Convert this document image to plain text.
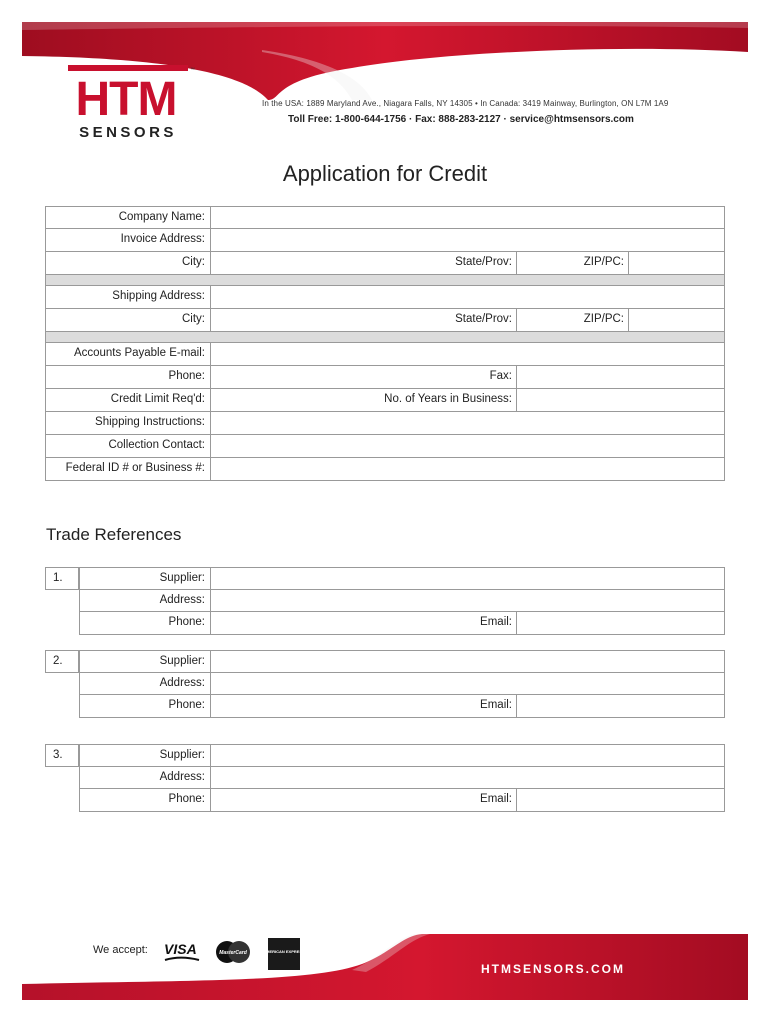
HTM
SENSORS
™
In the USA: 1889 Maryland Ave., Niagara Falls, NY 14305 • In Canada: 3419 Mainway, Burlington, ON L7M 1A9
Toll Free: 1-800-644-1756 · Fax: 888-283-2127 · service@htmsensors.com
Application for Credit
Company Name:
Invoice Address:
City:	State/Prov:	ZIP/PC:
Shipping Address:
City:	State/Prov:	ZIP/PC:
Accounts Payable E-mail:
Phone:	Fax:
Credit Limit Req'd:	No. of Years in Business:
Shipping Instructions:
Collection Contact:
Federal ID # or Business #:
Trade References
1.	Supplier:
Address:
Phone:	Email:
2.	Supplier:
Address:
Phone:	Email:
3.	Supplier:
Address:
Phone:	Email:
We accept: VISA	MasterCard	AMERICAN EXPRESS
HTMSENSORS.COM
